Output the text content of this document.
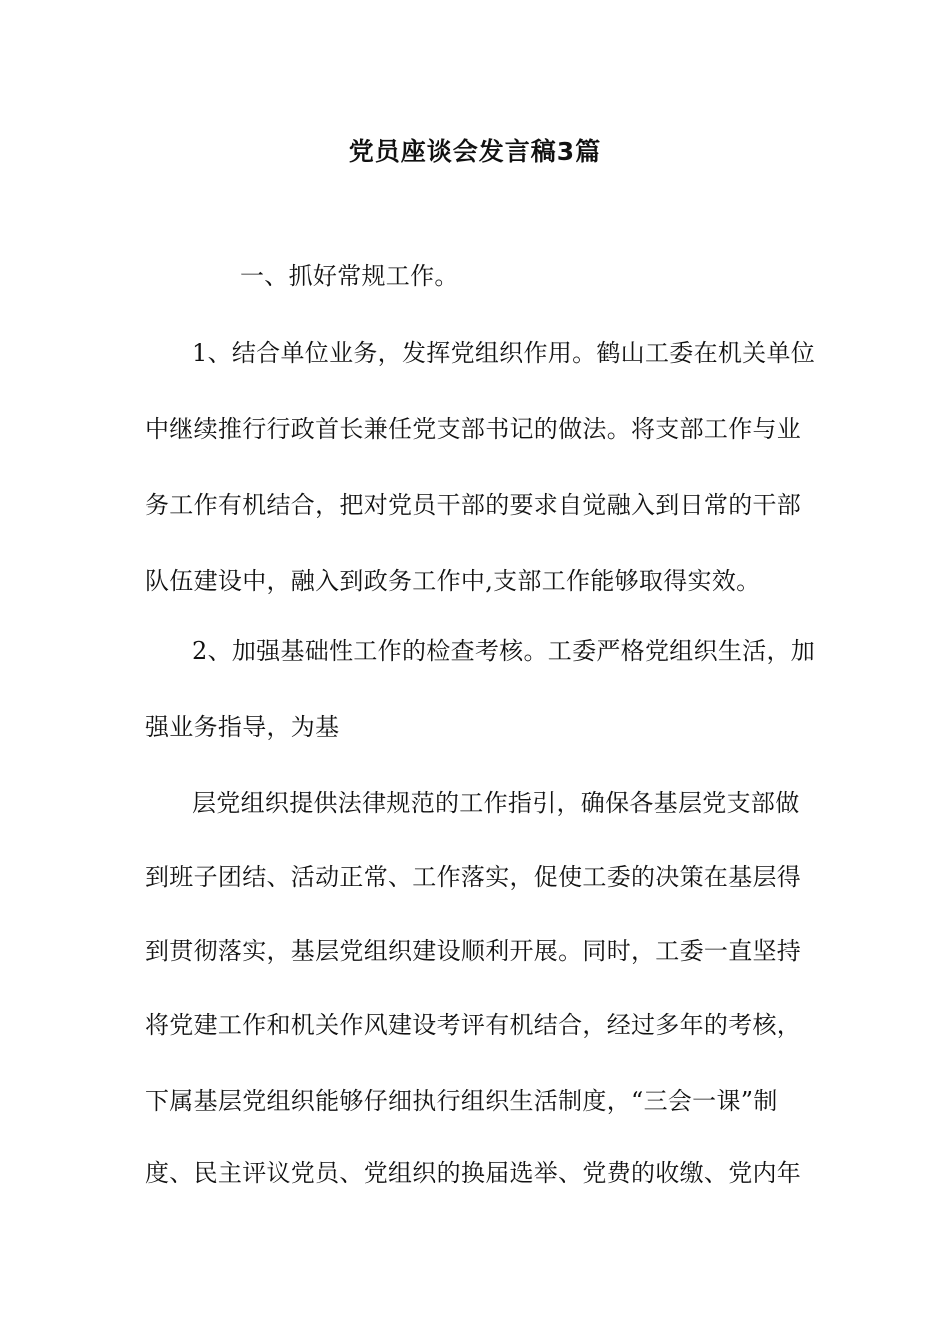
党员座谈会发言稿3篇
一、抓好常规工作。
1、结合单位业务，发挥党组织作用。鹤山工委在机关单位
中继续推行行政首长兼任党支部书记的做法。将支部工作与业
务工作有机结合，把对党员干部的要求自觉融入到日常的干部
队伍建设中，融入到政务工作中,支部工作能够取得实效。
2、加强基础性工作的检查考核。工委严格党组织生活，加
强业务指导，为基
层党组织提供法律规范的工作指引，确保各基层党支部做
到班子团结、活动正常、工作落实，促使工委的决策在基层得
到贯彻落实，基层党组织建设顺利开展。同时，工委一直坚持
将党建工作和机关作风建设考评有机结合，经过多年的考核，
下属基层党组织能够仔细执行组织生活制度，“三会一课”制
度、民主评议党员、党组织的换届选举、党费的收缴、党内年
